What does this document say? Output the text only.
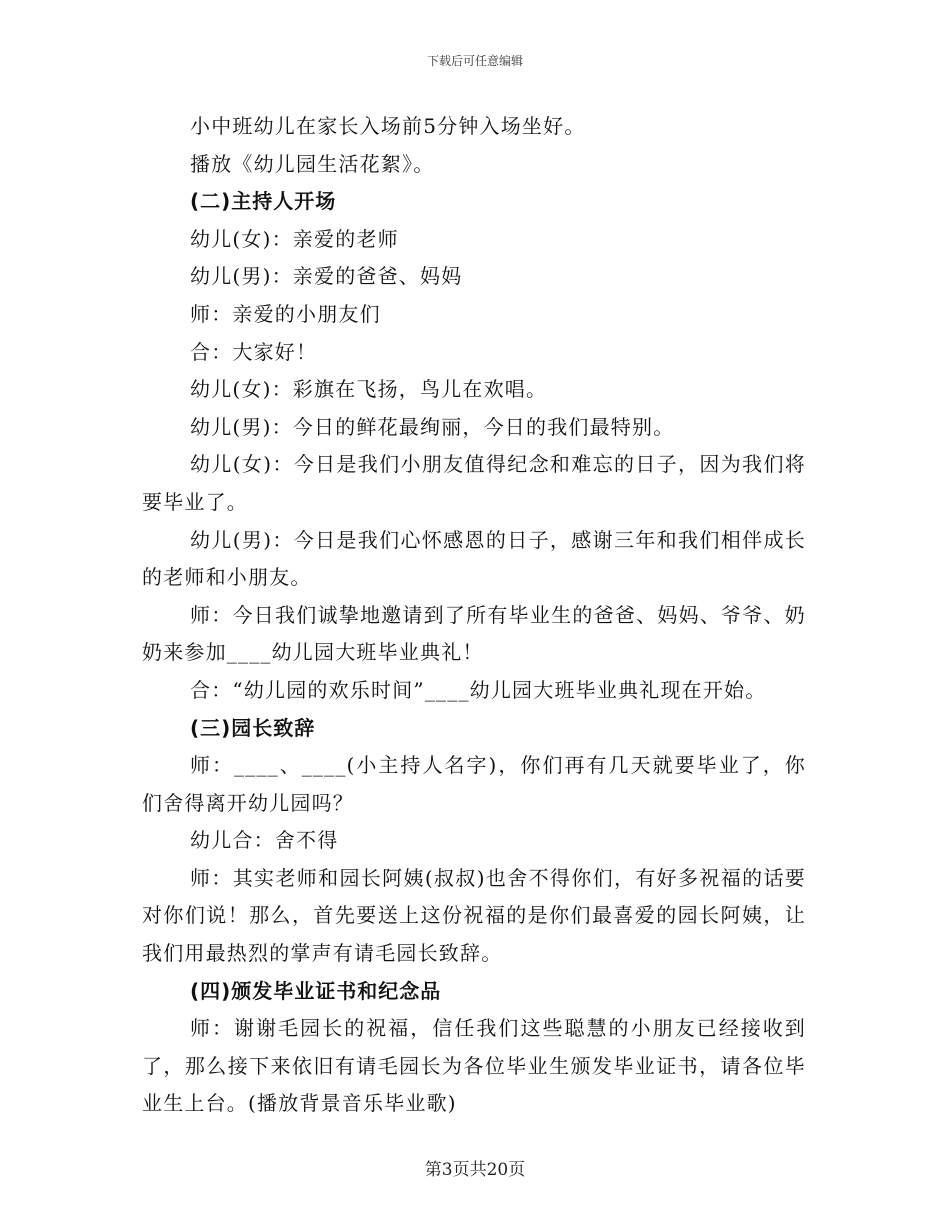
下载后可任意编辑

小中班幼儿在家长入场前5分钟入场坐好。

播放《幼儿园生活花絮》。

(二)主持人开场

幼儿(女)：亲爱的老师

幼儿(男)：亲爱的爸爸、妈妈

师：亲爱的小朋友们

合：大家好！

幼儿(女)：彩旗在飞扬，鸟儿在欢唱。

幼儿(男)：今日的鲜花最绚丽，今日的我们最特别。

幼儿(女)：今日是我们小朋友值得纪念和难忘的日子，因为我们将要毕业了。

幼儿(男)：今日是我们心怀感恩的日子，感谢三年和我们相伴成长的老师和小朋友。

师：今日我们诚挚地邀请到了所有毕业生的爸爸、妈妈、爷爷、奶奶来参加____幼儿园大班毕业典礼！

合：“幼儿园的欢乐时间”____幼儿园大班毕业典礼现在开始。

(三)园长致辞

师：____、____(小主持人名字)，你们再有几天就要毕业了，你们舍得离开幼儿园吗？

幼儿合：舍不得

师：其实老师和园长阿姨(叔叔)也舍不得你们，有好多祝福的话要对你们说！那么，首先要送上这份祝福的是你们最喜爱的园长阿姨，让我们用最热烈的掌声有请毛园长致辞。

(四)颁发毕业证书和纪念品

师：谢谢毛园长的祝福，信任我们这些聪慧的小朋友已经接收到了，那么接下来依旧有请毛园长为各位毕业生颁发毕业证书，请各位毕业生上台。(播放背景音乐毕业歌)

第3页共20页
